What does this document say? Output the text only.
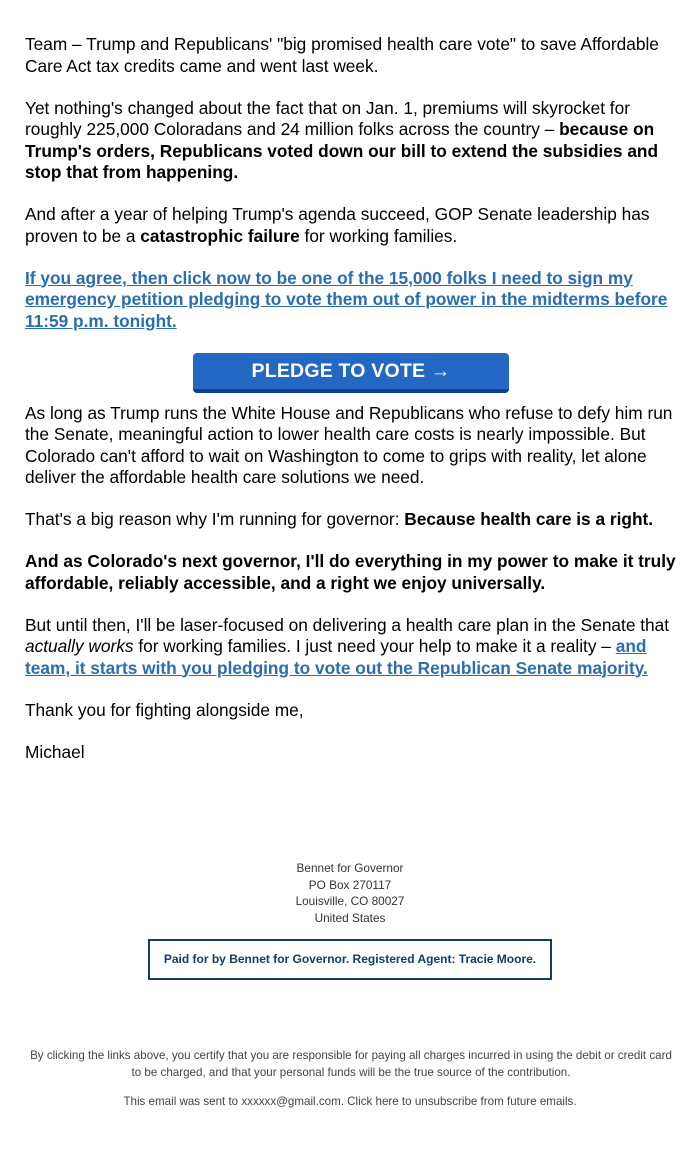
Team – Trump and Republicans' "big promised health care vote" to save Affordable Care Act tax credits came and went last week.

Yet nothing's changed about the fact that on Jan. 1, premiums will skyrocket for roughly 225,000 Coloradans and 24 million folks across the country – because on Trump's orders, Republicans voted down our bill to extend the subsidies and stop that from happening.

And after a year of helping Trump's agenda succeed, GOP Senate leadership has proven to be a catastrophic failure for working families.

If you agree, then click now to be one of the 15,000 folks I need to sign my emergency petition pledging to vote them out of power in the midterms before 11:59 p.m. tonight.

PLEDGE TO VOTE →

As long as Trump runs the White House and Republicans who refuse to defy him run the Senate, meaningful action to lower health care costs is nearly impossible. But Colorado can't afford to wait on Washington to come to grips with reality, let alone deliver the affordable health care solutions we need.

That's a big reason why I'm running for governor: Because health care is a right.

And as Colorado's next governor, I'll do everything in my power to make it truly affordable, reliably accessible, and a right we enjoy universally.

But until then, I'll be laser-focused on delivering a health care plan in the Senate that actually works for working families. I just need your help to make it a reality – and team, it starts with you pledging to vote out the Republican Senate majority.

Thank you for fighting alongside me,

Michael

Bennet for Governor
PO Box 270117
Louisville, CO 80027
United States
Paid for by Bennet for Governor. Registered Agent: Tracie Moore.
By clicking the links above, you certify that you are responsible for paying all charges incurred in using the debit or credit card to be charged, and that your personal funds will be the true source of the contribution.
This email was sent to xxxxxx@gmail.com. Click here to unsubscribe from future emails.
